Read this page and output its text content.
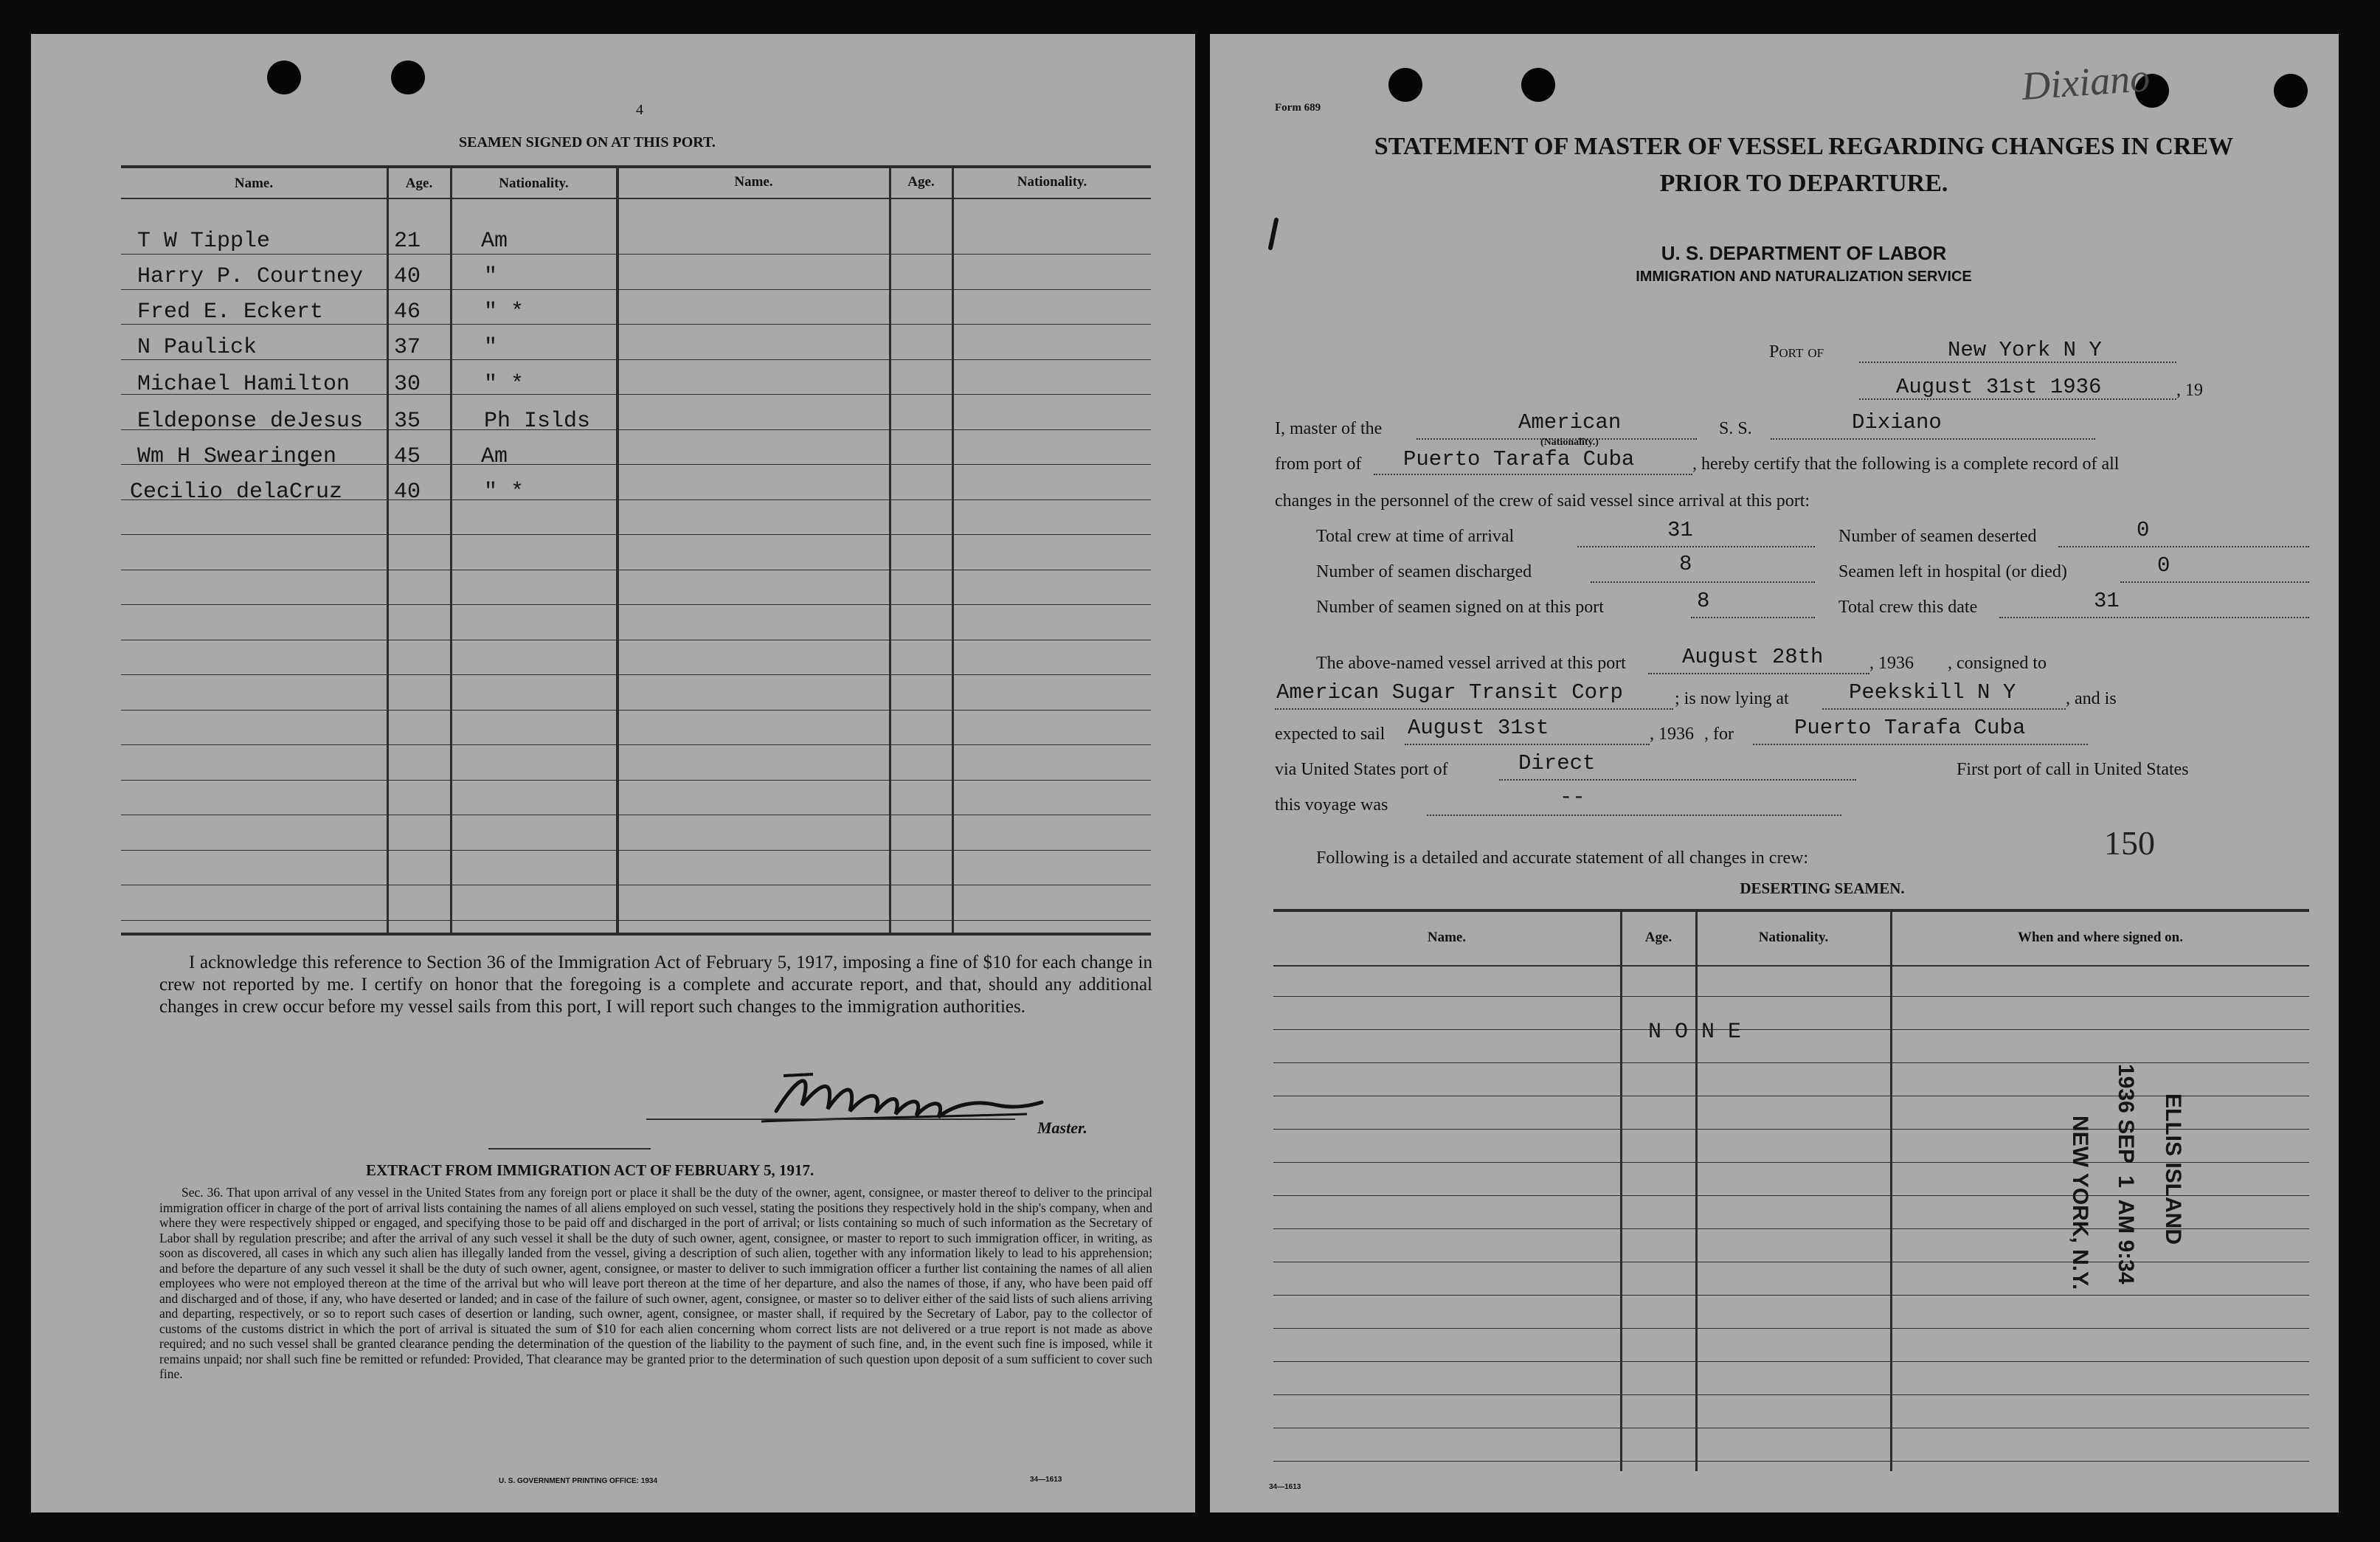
4
SEAMEN SIGNED ON AT THIS PORT.
Name.	Age.	Nationality.	Name.	Age.	Nationality.
T W Tipple	21	Am
Harry P. Courtney 40	"
Fred E. Eckert	46	" *
N Paulick	37	"
Michael Hamilton 30	" *
Eldeponse deJesus 35	Ph Islds
Wm H Swearingen	45	Am
Cecilio delaCruz 40	" *
I acknowledge this reference to Section 36 of the Immigration Act of February 5, 1917, imposing a fine of $10 for each change in crew not reported by me. I certify on honor that the foregoing is a complete and accurate report, and that, should any additional changes in crew occur before my vessel sails from this port, I will report such changes to the immigration authorities.
Master.
EXTRACT FROM IMMIGRATION ACT OF FEBRUARY 5, 1917.
Sec. 36. That upon arrival of any vessel in the United States from any foreign port or place it shall be the duty of the owner, agent, consignee, or master thereof to deliver to the principal immigration officer in charge of the port of arrival lists containing the names of all aliens employed on such vessel, stating the positions they respectively hold in the ship's company, when and where they were respectively shipped or engaged, and specifying those to be paid off and discharged in the port of arrival; or lists containing so much of such information as the Secretary of Labor shall by regulation prescribe; and after the arrival of any such vessel it shall be the duty of such owner, agent, consignee, or master to report to such immigration officer, in writing, as soon as discovered, all cases in which any such alien has illegally landed from the vessel, giving a description of such alien, together with any information likely to lead to his apprehension; and before the departure of any such vessel it shall be the duty of such owner, agent, consignee, or master to deliver to such immigration officer a further list containing the names of all alien employees who were not employed thereon at the time of the arrival but who will leave port thereon at the time of her departure, and also the names of those, if any, who have been paid off and discharged and of those, if any, who have deserted or landed; and in case of the failure of such owner, agent, consignee, or master so to deliver either of the said lists of such aliens arriving and departing, respectively, or so to report such cases of desertion or landing, such owner, agent, consignee, or master shall, if required by the Secretary of Labor, pay to the collector of customs of the customs district in which the port of arrival is situated the sum of $10 for each alien concerning whom correct lists are not delivered or a true report is not made as above required; and no such vessel shall be granted clearance pending the determination of the question of the liability to the payment of such fine, and, in the event such fine is imposed, while it remains unpaid; nor shall such fine be remitted or refunded: Provided, That clearance may be granted prior to the determination of such question upon deposit of a sum sufficient to cover such fine.
U. S. GOVERNMENT PRINTING OFFICE: 1934	34—1613
Dixiano
Form 689
STATEMENT OF MASTER OF VESSEL REGARDING CHANGES IN CREW
PRIOR TO DEPARTURE.
U. S. DEPARTMENT OF LABOR
IMMIGRATION AND NATURALIZATION SERVICE
Port of	New York N Y
August 31st 1936	, 19
I, master of the	American
(Nationality.)
S. S.	Dixiano
from port of Puerto Tarafa Cuba	, hereby certify that the following is a complete record of all
changes in the personnel of the crew of said vessel since arrival at this port:
Total crew at time of arrival	31
Number of seamen discharged	8
Number of seamen signed on at this port	8
Number of seamen deserted	0
Seamen left in hospital (or died)	0
Total crew this date	31
The above-named vessel arrived at this port	August 28th	, 1936 , consigned to
American Sugar Transit Corp	; is now lying at	Peekskill N Y	, and is
expected to sail August 31st	, 1936 , for	Puerto Tarafa Cuba
via United States port of	Direct	First port of call in United States
this voyage was	--
150
Following is a detailed and accurate statement of all changes in crew:
DESERTING SEAMEN.
Name.	Age.	Nationality.	When and where signed on.
N O N E
ELLIS ISLAND
1936 SEP  1  AM 9:34
NEW YORK, N.Y.
34—1613
